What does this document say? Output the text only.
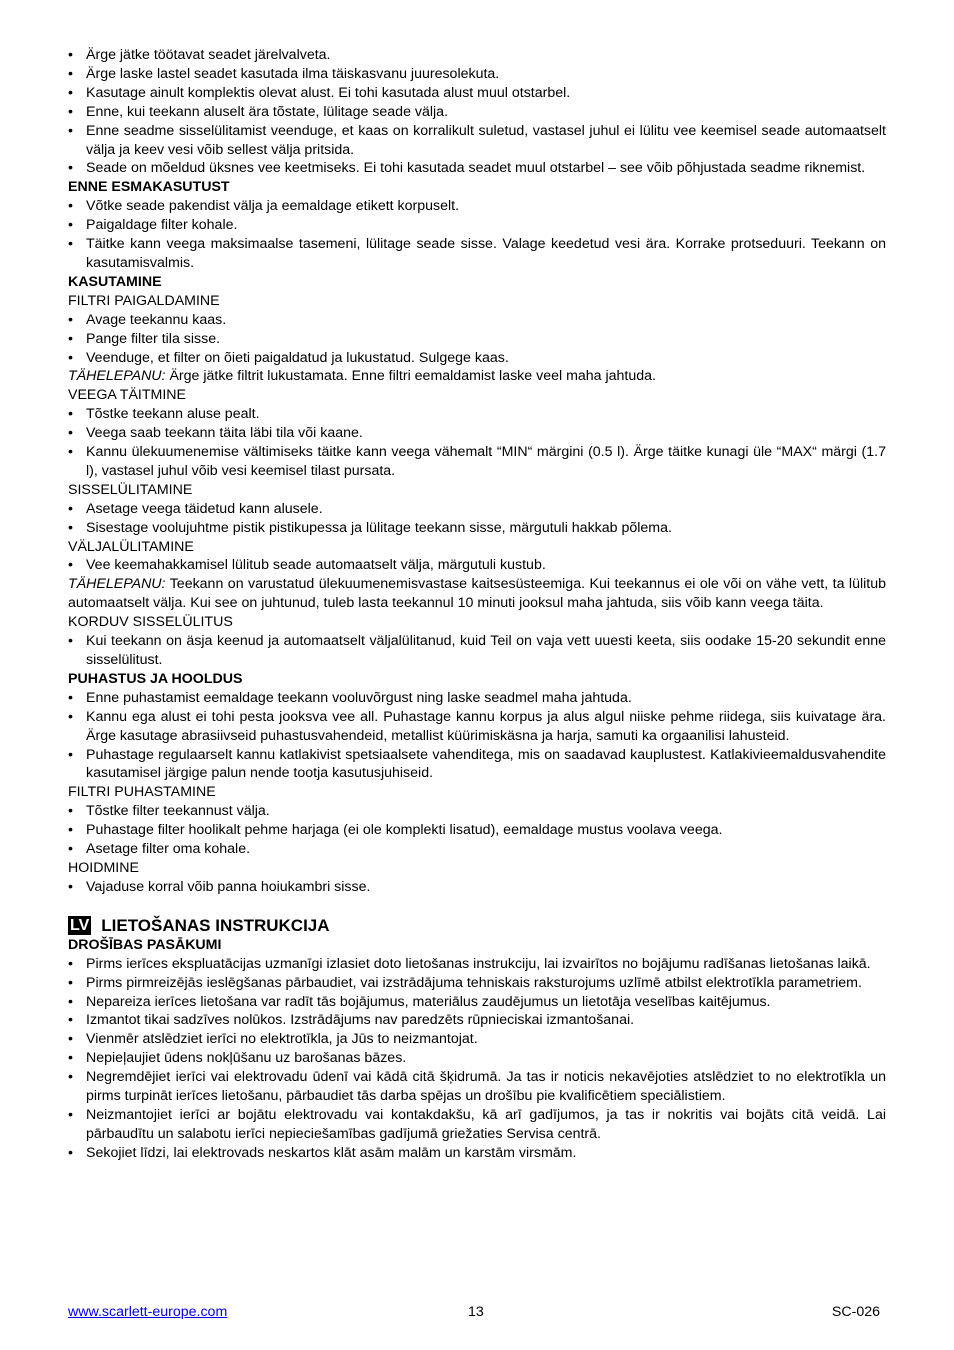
• Ärge jätke töötavat seadet järelvalveta.
• Ärge laske lastel seadet kasutada ilma täiskasvanu juuresolekuta.
• Kasutage ainult komplektis olevat alust. Ei tohi kasutada alust muul otstarbel.
• Enne, kui teekann aluselt ära tõstate, lülitage seade välja.
• Enne seadme sisselülitamist veenduge, et kaas on korralikult suletud, vastasel juhul ei lülitu vee keemisel seade automaatselt välja ja keev vesi võib sellest välja pritsida.
• Seade on mõeldud üksnes vee keetmiseks. Ei tohi kasutada seadet muul otstarbel – see võib põhjustada seadme riknemist.
ENNE ESMAKASUTUST
• Võtke seade pakendist välja ja eemaldage etikett korpuselt.
• Paigaldage filter kohale.
• Täitke kann veega maksimaalse tasemeni, lülitage seade sisse. Valage keedetud vesi ära. Korrake protseduuri. Teekann on kasutamisvalmis.
KASUTAMINE
FILTRI PAIGALDAMINE
• Avage teekannu kaas.
• Pange filter tila sisse.
• Veenduge, et filter on õieti paigaldatud ja lukustatud. Sulgege kaas.
TÄHELEPANU: Ärge jätke filtrit lukustamata. Enne filtri eemaldamist laske veel maha jahtuda.
VEEGA TÄITMINE
• Tõstke teekann aluse pealt.
• Veega saab teekann täita läbi tila või kaane.
• Kannu ülekuumenemise vältimiseks täitke kann veega vähemalt “MIN“ märgini (0.5 l). Ärge täitke kunagi üle “MAX“ märgi (1.7 l), vastasel juhul võib vesi keemisel tilast pursata.
SISSELÜLITAMINE
• Asetage veega täidetud kann alusele.
• Sisestage voolujuhtme pistik pistikupessa ja lülitage teekann sisse, märgutuli hakkab põlema.
VÄLJALÜLITAMINE
• Vee keemahakkamisel lülitub seade automaatselt välja, märgutuli kustub.
TÄHELEPANU: Teekann on varustatud ülekuumenemisvastase kaitsesüsteemiga. Kui teekannus ei ole või on vähe vett, ta lülitub automaatselt välja. Kui see on juhtunud, tuleb lasta teekannul 10 minuti jooksul maha jahtuda, siis võib kann veega täita.
KORDUV SISSELÜLITUS
• Kui teekann on äsja keenud ja automaatselt väljalülitanud, kuid Teil on vaja vett uuesti keeta, siis oodake 15-20 sekundit enne sisselülitust.
PUHASTUS JA HOOLDUS
• Enne puhastamist eemaldage teekann vooluvõrgust ning laske seadmel maha jahtuda.
• Kannu ega alust ei tohi pesta jooksva vee all. Puhastage kannu korpus ja alus algul niiske pehme riidega, siis kuivatage ära. Ärge kasutage abrasiivseid puhastusvahendeid, metallist küürimiskäsna ja harja, samuti ka orgaanilisi lahusteid.
• Puhastage regulaarselt kannu katlakivist spetsiaalsete vahenditega, mis on saadavad kauplustest. Katlakivieemaldusvahendite kasutamisel järgige palun nende tootja kasutusjuhiseid.
FILTRI PUHASTAMINE
• Tõstke filter teekannust välja.
• Puhastage filter hoolikalt pehme harjaga (ei ole komplekti lisatud), eemaldage mustus voolava veega.
• Asetage filter oma kohale.
HOIDMINE
• Vajaduse korral võib panna hoiukambri sisse.
LV LIETOŠANAS INSTRUKCIJA
DROŠĪBAS PASĀKUMI
• Pirms ierīces ekspluatācijas uzmanīgi izlasiet doto lietošanas instrukciju, lai izvairītos no bojājumu radīšanas lietošanas laikā.
• Pirms pirmreizējās ieslēgšanas pārbaudiet, vai izstrādājuma tehniskais raksturojums uzlīmē atbilst elektrotīkla parametriem.
• Nepareiza ierīces lietošana var radīt tās bojājumus, materiālus zaudējumus un lietotāja veselības kaitējumus.
• Izmantot tikai sadzīves nolūkos. Izstrādājums nav paredzēts rūpnieciskai izmantošanai.
• Vienmēr atslēdziet ierīci no elektrotīkla, ja Jūs to neizmantojat.
• Nepieļaujiet ūdens nokļūšanu uz barošanas bāzes.
• Negremdējiet ierīci vai elektrovadu ūdenī vai kādā citā šķidrumā. Ja tas ir noticis nekavējoties atslēdziet to no elektrotīkla un pirms turpināt ierīces lietošanu, pārbaudiet tās darba spējas un drošību pie kvalificētiem speciālistiem.
• Neizmantojiet ierīci ar bojātu elektrovadu vai kontakdakšu, kā arī gadījumos, ja tas ir nokritis vai bojāts citā veidā. Lai pārbaudītu un salabotu ierīci nepieciešamības gadījumā griežaties Servisa centrā.
• Sekojiet līdzi, lai elektrovads neskartos klāt asām malām un karstām virsmām.
www.scarlett-europe.com	13	SC-026
